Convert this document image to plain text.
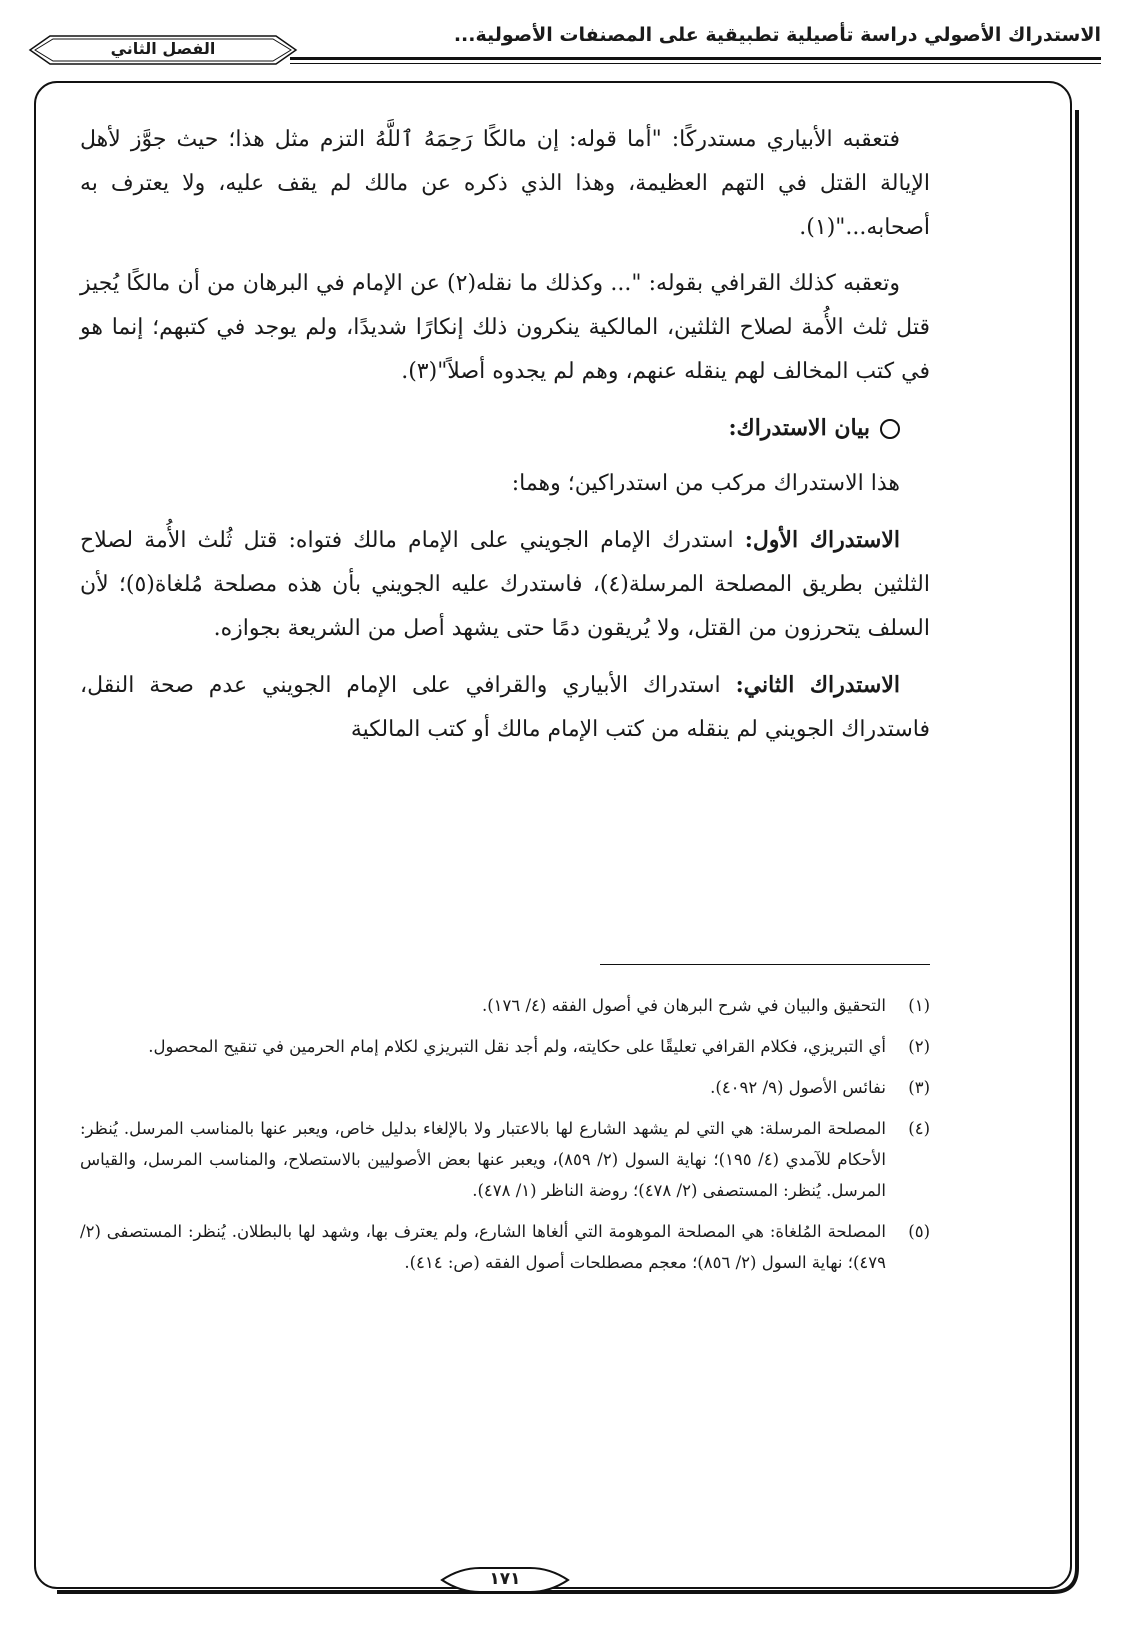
الاستدراك الأصولي دراسة تأصيلية تطبيقية على المصنفات الأصولية...
الفصل الثاني

فتعقبه الأبياري مستدركًا: "أما قوله: إن مالكًا رَحِمَهُ ٱللَّهُ التزم مثل هذا؛ حيث جوَّز لأهل الإيالة القتل في التهم العظيمة، وهذا الذي ذكره عن مالك لم يقف عليه، ولا يعترف به أصحابه..."(١).

وتعقبه كذلك القرافي بقوله: "... وكذلك ما نقله(٢) عن الإمام في البرهان من أن مالكًا يُجيز قتل ثلث الأُمة لصلاح الثلثين، المالكية ينكرون ذلك إنكارًا شديدًا، ولم يوجد في كتبهم؛ إنما هو في كتب المخالف لهم ينقله عنهم، وهم لم يجدوه أصلاً"(٣).

بيان الاستدراك:

هذا الاستدراك مركب من استدراكين؛ وهما:

الاستدراك الأول: استدرك الإمام الجويني على الإمام مالك فتواه: قتل ثُلث الأُمة لصلاح الثلثين بطريق المصلحة المرسلة(٤)، فاستدرك عليه الجويني بأن هذه مصلحة مُلغاة(٥)؛ لأن السلف يتحرزون من القتل، ولا يُريقون دمًا حتى يشهد أصل من الشريعة بجوازه.

الاستدراك الثاني: استدراك الأبياري والقرافي على الإمام الجويني عدم صحة النقل، فاستدراك الجويني لم ينقله من كتب الإمام مالك أو كتب المالكية

(١)
التحقيق والبيان في شرح البرهان في أصول الفقه (٤/ ١٧٦).
(٢)
أي التبريزي، فكلام القرافي تعليقًا على حكايته، ولم أجد نقل التبريزي لكلام إمام الحرمين في تنقيح المحصول.
(٣)
نفائس الأصول (٩/ ٤٠٩٢).
(٤)
المصلحة المرسلة: هي التي لم يشهد الشارع لها بالاعتبار ولا بالإلغاء بدليل خاص، ويعبر عنها بالمناسب المرسل. يُنظر: الأحكام للآمدي (٤/ ١٩٥)؛ نهاية السول (٢/ ٨٥٩)، ويعبر عنها بعض الأصوليين بالاستصلاح، والمناسب المرسل، والقياس المرسل. يُنظر: المستصفى (٢/ ٤٧٨)؛ روضة الناظر (١/ ٤٧٨).
(٥)
المصلحة المُلغاة: هي المصلحة الموهومة التي ألغاها الشارع، ولم يعترف بها، وشهد لها بالبطلان. يُنظر: المستصفى (٢/ ٤٧٩)؛ نهاية السول (٢/ ٨٥٦)؛ معجم مصطلحات أصول الفقه (ص: ٤١٤).
١٧١
